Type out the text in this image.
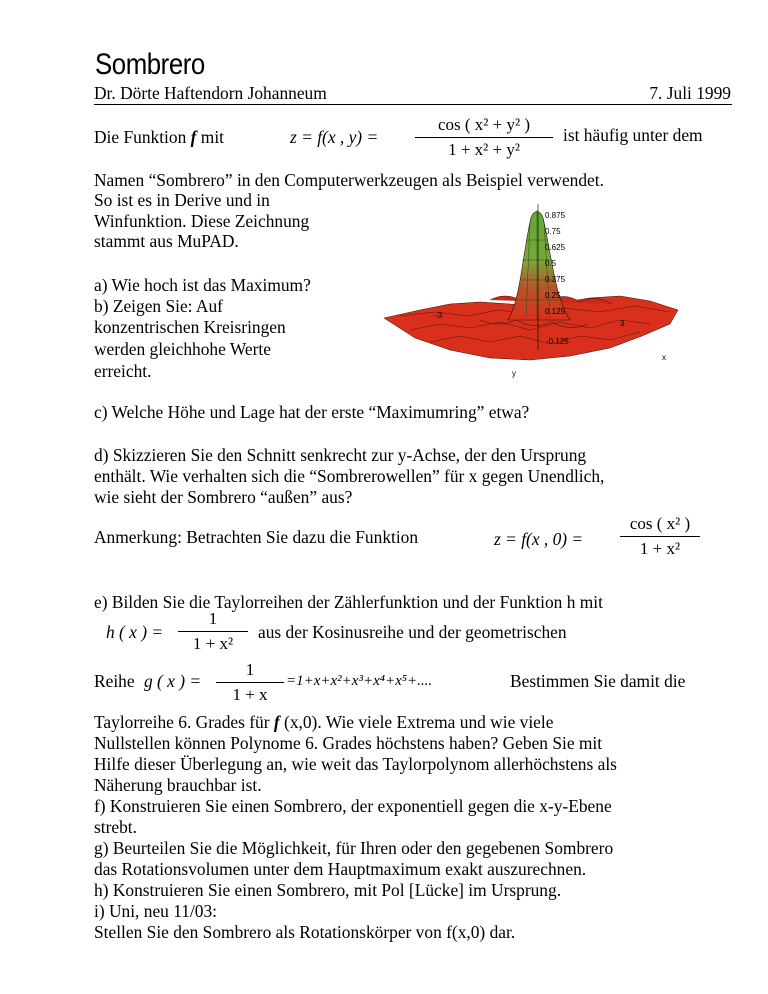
Sombrero
Dr. Dörte Haftendorn Johanneum	7. Juli 1999
Die Funktion f mit	z = f(x , y) =
cos ( x² + y² )
1 + x² + y²
ist häufig unter dem
Namen “Sombrero” in den Computerwerkzeugen als Beispiel verwendet.
So ist es in Derive und in
Winfunktion. Diese Zeichnung
stammt aus MuPAD.
0.875
0.75
0.625
0.5
0.375
0.25
0.125
-3
3
-0.125
x
y
a) Wie hoch ist das Maximum?
b) Zeigen Sie: Auf
konzentrischen Kreisringen
werden gleichhohe Werte
erreicht.
c) Welche Höhe und Lage hat der erste “Maximumring” etwa?
d) Skizzieren Sie den Schnitt senkrecht zur y-Achse, der den Ursprung
enthält. Wie verhalten sich die “Sombrerowellen” für x gegen Unendlich,
wie sieht der Sombrero “außen” aus?
Anmerkung: Betrachten Sie dazu die Funktion	z = f(x , 0) =
cos ( x² )
1 + x²
e) Bilden Sie die Taylorreihen der Zählerfunktion und der Funktion h mit
h ( x ) =
1
1 + x²
aus der Kosinusreihe und der geometrischen
Reihe g ( x ) =
1
1 + x
=1+x+x²+x³+x⁴+x⁵+....	Bestimmen Sie damit die
Taylorreihe 6. Grades für f (x,0). Wie viele Extrema und wie viele
Nullstellen können Polynome 6. Grades höchstens haben? Geben Sie mit
Hilfe dieser Überlegung an, wie weit das Taylorpolynom allerhöchstens als
Näherung brauchbar ist.
f) Konstruieren Sie einen Sombrero, der exponentiell gegen die x-y-Ebene
strebt.
g) Beurteilen Sie die Möglichkeit, für Ihren oder den gegebenen Sombrero
das Rotationsvolumen unter dem Hauptmaximum exakt auszurechnen.
h) Konstruieren Sie einen Sombrero, mit Pol [Lücke] im Ursprung.
i) Uni, neu 11/03:
Stellen Sie den Sombrero als Rotationskörper von f(x,0) dar.
